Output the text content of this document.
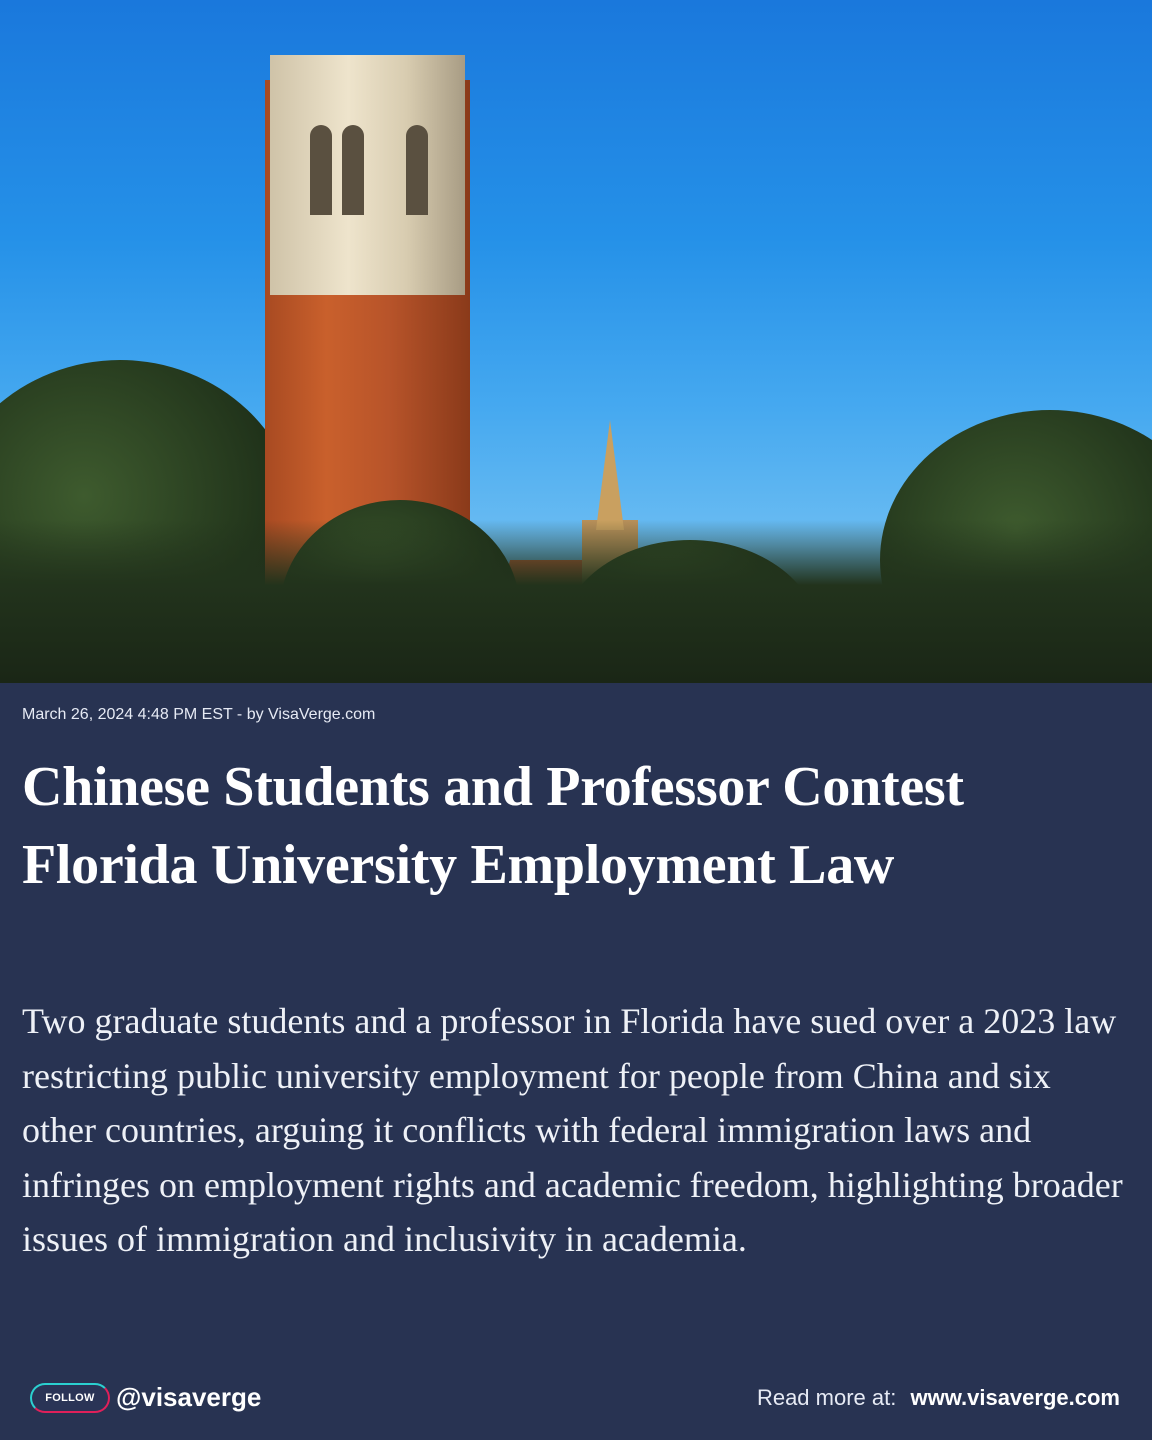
March 26, 2024 4:48 PM EST - by VisaVerge.com
Chinese Students and Professor Contest Florida University Employment Law

Two graduate students and a professor in Florida have sued over a 2023 law restricting public university employment for people from China and six other countries, arguing it conflicts with federal immigration laws and infringes on employment rights and academic freedom, highlighting broader issues of immigration and inclusivity in academia.

FOLLOW @visaverge	Read more at: www.visaverge.com
